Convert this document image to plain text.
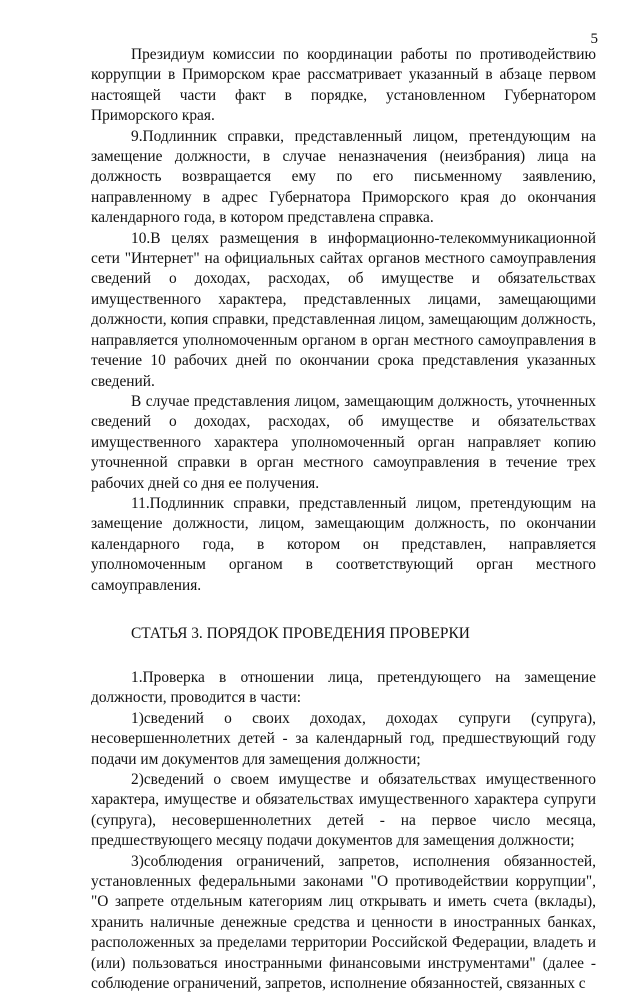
5

Президиум комиссии по координации работы по противодействию коррупции в Приморском крае рассматривает указанный в абзаце первом настоящей части факт в порядке, установленном Губернатором Приморского края.

9.Подлинник справки, представленный лицом, претендующим на замещение должности, в случае неназначения (неизбрания) лица на должность возвращается ему по его письменному заявлению, направленному в адрес Губернатора Приморского края до окончания календарного года, в котором представлена справка.

10.В целях размещения в информационно-телекоммуникационной сети "Интернет" на официальных сайтах органов местного самоуправления сведений о доходах, расходах, об имуществе и обязательствах имущественного характера, представленных лицами, замещающими должности, копия справки, представленная лицом, замещающим должность, направляется уполномоченным органом в орган местного самоуправления в течение 10 рабочих дней по окончании срока представления указанных сведений.

В случае представления лицом, замещающим должность, уточненных сведений о доходах, расходах, об имуществе и обязательствах имущественного характера уполномоченный орган направляет копию уточненной справки в орган местного самоуправления в течение трех рабочих дней со дня ее получения.

11.Подлинник справки, представленный лицом, претендующим на замещение должности, лицом, замещающим должность, по окончании календарного года, в котором он представлен, направляется уполномоченным органом в соответствующий орган местного самоуправления.

СТАТЬЯ 3. ПОРЯДОК ПРОВЕДЕНИЯ ПРОВЕРКИ

1.Проверка в отношении лица, претендующего на замещение должности, проводится в части:

1)сведений о своих доходах, доходах супруги (супруга), несовершеннолетних детей - за календарный год, предшествующий году подачи им документов для замещения должности;

2)сведений о своем имуществе и обязательствах имущественного характера, имуществе и обязательствах имущественного характера супруги (супруга), несовершеннолетних детей - на первое число месяца, предшествующего месяцу подачи документов для замещения должности;

3)соблюдения ограничений, запретов, исполнения обязанностей, установленных федеральными законами "О противодействии коррупции", "О запрете отдельным категориям лиц открывать и иметь счета (вклады), хранить наличные денежные средства и ценности в иностранных банках, расположенных за пределами территории Российской Федерации, владеть и (или) пользоваться иностранными финансовыми инструментами" (далее - соблюдение ограничений, запретов, исполнение обязанностей, связанных с
